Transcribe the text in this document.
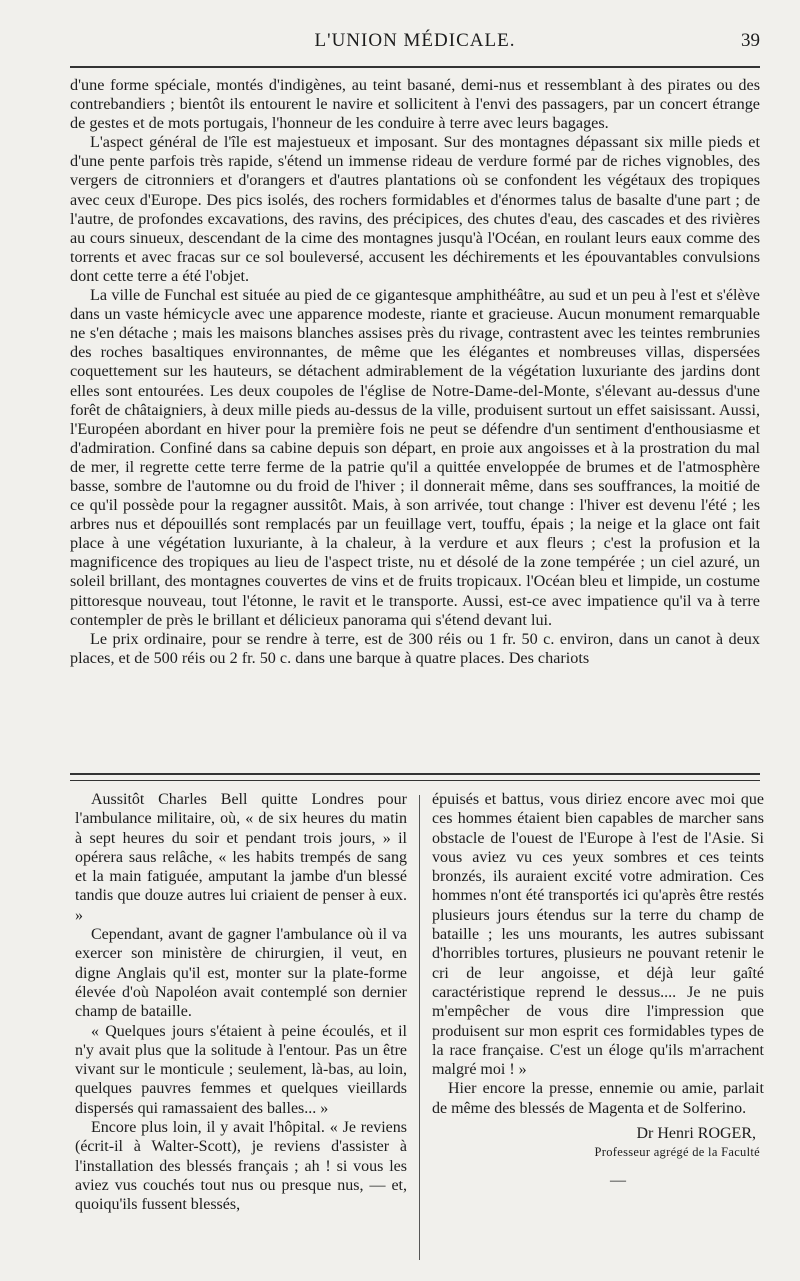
L'UNION MÉDICALE.	39

d'une forme spéciale, montés d'indigènes, au teint basané, demi-nus et ressemblant à des pirates ou des contrebandiers ; bientôt ils entourent le navire et sollicitent à l'envi des passagers, par un concert étrange de gestes et de mots portugais, l'honneur de les conduire à terre avec leurs bagages.

L'aspect général de l'île est majestueux et imposant. Sur des montagnes dépassant six mille pieds et d'une pente parfois très rapide, s'étend un immense rideau de verdure formé par de riches vignobles, des vergers de citronniers et d'orangers et d'autres plantations où se confondent les végétaux des tropiques avec ceux d'Europe. Des pics isolés, des rochers formidables et d'énormes talus de basalte d'une part ; de l'autre, de profondes excavations, des ravins, des précipices, des chutes d'eau, des cascades et des rivières au cours sinueux, descendant de la cime des montagnes jusqu'à l'Océan, en roulant leurs eaux comme des torrents et avec fracas sur ce sol bouleversé, accusent les déchirements et les épouvantables convulsions dont cette terre a été l'objet.

La ville de Funchal est située au pied de ce gigantesque amphithéâtre, au sud et un peu à l'est et s'élève dans un vaste hémicycle avec une apparence modeste, riante et gracieuse. Aucun monument remarquable ne s'en détache ; mais les maisons blanches assises près du rivage, contrastent avec les teintes rembrunies des roches basaltiques environnantes, de même que les élégantes et nombreuses villas, dispersées coquettement sur les hauteurs, se détachent admirablement de la végétation luxuriante des jardins dont elles sont entourées. Les deux coupoles de l'église de Notre-Dame-del-Monte, s'élevant au-dessus d'une forêt de châtaigniers, à deux mille pieds au-dessus de la ville, produisent surtout un effet saisissant. Aussi, l'Européen abordant en hiver pour la première fois ne peut se défendre d'un sentiment d'enthousiasme et d'admiration. Confiné dans sa cabine depuis son départ, en proie aux angoisses et à la prostration du mal de mer, il regrette cette terre ferme de la patrie qu'il a quittée enveloppée de brumes et de l'atmosphère basse, sombre de l'automne ou du froid de l'hiver ; il donnerait même, dans ses souffrances, la moitié de ce qu'il possède pour la regagner aussitôt. Mais, à son arrivée, tout change : l'hiver est devenu l'été ; les arbres nus et dépouillés sont remplacés par un feuillage vert, touffu, épais ; la neige et la glace ont fait place à une végétation luxuriante, à la chaleur, à la verdure et aux fleurs ; c'est la profusion et la magnificence des tropiques au lieu de l'aspect triste, nu et désolé de la zone tempérée ; un ciel azuré, un soleil brillant, des montagnes couvertes de vins et de fruits tropicaux. l'Océan bleu et limpide, un costume pittoresque nouveau, tout l'étonne, le ravit et le transporte. Aussi, est-ce avec impatience qu'il va à terre contempler de près le brillant et délicieux panorama qui s'étend devant lui.

Le prix ordinaire, pour se rendre à terre, est de 300 réis ou 1 fr. 50 c. environ, dans un canot à deux places, et de 500 réis ou 2 fr. 50 c. dans une barque à quatre places. Des chariots

Aussitôt Charles Bell quitte Londres pour l'ambulance militaire, où, « de six heures du matin à sept heures du soir et pendant trois jours, » il opérera saus relâche, « les habits trempés de sang et la main fatiguée, amputant la jambe d'un blessé tandis que douze autres lui criaient de penser à eux. »

Cependant, avant de gagner l'ambulance où il va exercer son ministère de chirurgien, il veut, en digne Anglais qu'il est, monter sur la plate-forme élevée d'où Napoléon avait contemplé son dernier champ de bataille.

« Quelques jours s'étaient à peine écoulés, et il n'y avait plus que la solitude à l'entour. Pas un être vivant sur le monticule ; seulement, là-bas, au loin, quelques pauvres femmes et quelques vieillards dispersés qui ramassaient des balles... »

Encore plus loin, il y avait l'hôpital. « Je reviens (écrit-il à Walter-Scott), je reviens d'assister à l'installation des blessés français ; ah ! si vous les aviez vus couchés tout nus ou presque nus, — et, quoiqu'ils fussent blessés,

épuisés et battus, vous diriez encore avec moi que ces hommes étaient bien capables de marcher sans obstacle de l'ouest de l'Europe à l'est de l'Asie. Si vous aviez vu ces yeux sombres et ces teints bronzés, ils auraient excité votre admiration. Ces hommes n'ont été transportés ici qu'après être restés plusieurs jours étendus sur la terre du champ de bataille ; les uns mourants, les autres subissant d'horribles tortures, plusieurs ne pouvant retenir le cri de leur angoisse, et déjà leur gaîté caractéristique reprend le dessus.... Je ne puis m'empêcher de vous dire l'impression que produisent sur mon esprit ces formidables types de la race française. C'est un éloge qu'ils m'arrachent malgré moi ! »

Hier encore la presse, ennemie ou amie, parlait de même des blessés de Magenta et de Solferino.

Dr Henri ROGER,

Professeur agrégé de la Faculté

—
